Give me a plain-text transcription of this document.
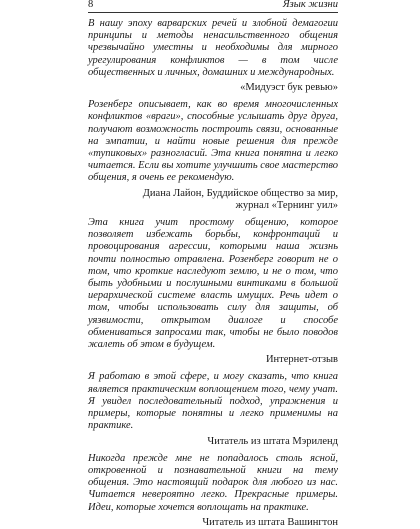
8	Язык жизни

В нашу эпоху варварских речей и злобной демагогии принципы и методы ненасильственного общения чрезвычайно уместны и необходимы для мирного урегулирования конфликтов — в том числе общественных и личных, домашних и международных.

«Мидуэст бук ревью»

Розенберг описывает, как во время многочисленных конфликтов «враги», способные услышать друг друга, получают возможность построить связи, основанные на эмпатии, и найти новые решения для прежде «тупиковых» разногласий. Эта книга понятна и легко читается. Если вы хотите улучшить свое мастерство общения, я очень ее рекомендую.

Диана Лайон, Буддийское общество за мир,
журнал «Тернинг уил»

Эта книга учит простому общению, которое позволяет избежать борьбы, конфронтаций и провоцирования агрессии, которыми наша жизнь почти полностью отравлена. Розенберг говорит не о том, что кроткие наследуют землю, и не о том, что быть удобными и послушными винтиками в большой иерархической системе власть имущих. Речь идет о том, чтобы использовать силу для защиты, об уязвимости, открытом диалоге и способе обмениваться запросами так, чтобы не было поводов жалеть об этом в будущем.

Интернет-отзыв

Я работаю в этой сфере, и могу сказать, что книга является практическим воплощением того, чему учат. Я увидел последовательный подход, упражнения и примеры, которые понятны и легко применимы на практике.

Читатель из штата Мэриленд

Никогда прежде мне не попадалось столь ясной, откровенной и познавательной книги на тему общения. Это настоящий подарок для любого из нас. Читается невероятно легко. Прекрасные примеры. Идеи, которые хочется воплощать на практике.

Читатель из штата Вашингтон
